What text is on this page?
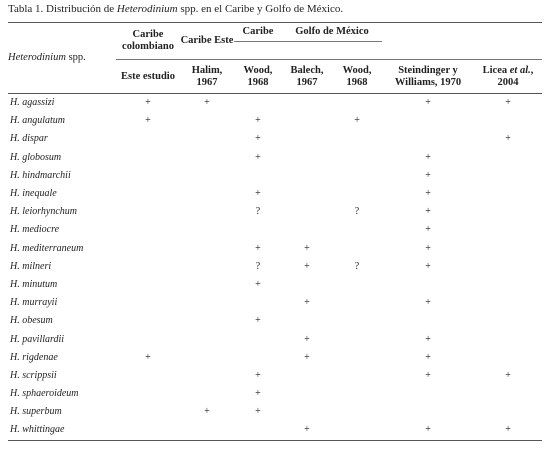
Tabla 1. Distribución de Heterodinium spp. en el Caribe y Golfo de México.
Heterodinium spp.	Caribe colombiano	Caribe Este	Caribe	Golfo de México			

	Este estudio	Halim, 1967	Wood, 1968	Balech, 1967	Wood, 1968	Steindinger y Williams, 1970	Licea et al.,
2004
H. agassizi	+	+				+	+
H. angulatum	+		+		+		
H. dispar			+				+
H. globosum			+			+	
H. hindmarchii						+	
H. inequale			+			+	
H. leiorhynchum			?		?	+	
H. mediocre						+	
H. mediterraneum			+	+		+	
H. milneri			?	+	?	+	
H. minutum			+				
H. murrayii				+		+	
H. obesum			+				
H. pavillardii				+		+	
H. rigdenae	+			+		+	
H. scrippsii			+			+	+
H. sphaeroideum			+				
H. superbum		+	+				
H. whittingae				+		+	+
